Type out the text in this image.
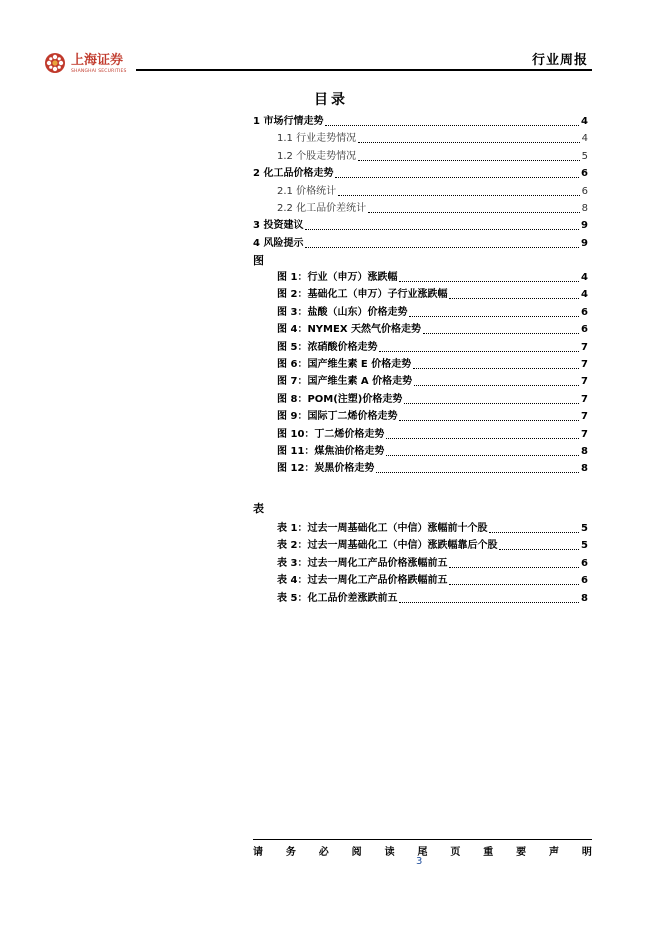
上海证券
SHANGHAI SECURITIES
行业周报
目录
1 市场行情走势	4
1.1 行业走势情况	4
1.2 个股走势情况	5
2 化工品价格走势	6
2.1 价格统计	6
2.2 化工品价差统计	8
3 投资建议	9
4 风险提示	9
图
图 1：行业（申万）涨跌幅	4
图 2：基础化工（申万）子行业涨跌幅	4
图 3：盐酸（山东）价格走势	6
图 4：NYMEX 天然气价格走势	6
图 5：浓硝酸价格走势	7
图 6：国产维生素 E 价格走势	7
图 7：国产维生素 A 价格走势	7
图 8：POM(注塑)价格走势	7
图 9：国际丁二烯价格走势	7
图 10：丁二烯价格走势	7
图 11：煤焦油价格走势	8
图 12：炭黑价格走势	8
表
表 1：过去一周基础化工（中信）涨幅前十个股	5
表 2：过去一周基础化工（中信）涨跌幅靠后个股	5
表 3：过去一周化工产品价格涨幅前五	6
表 4：过去一周化工产品价格跌幅前五	6
表 5：化工品价差涨跌前五	8
请 务 必 阅 读 尾 页 重 要 声 明
3
